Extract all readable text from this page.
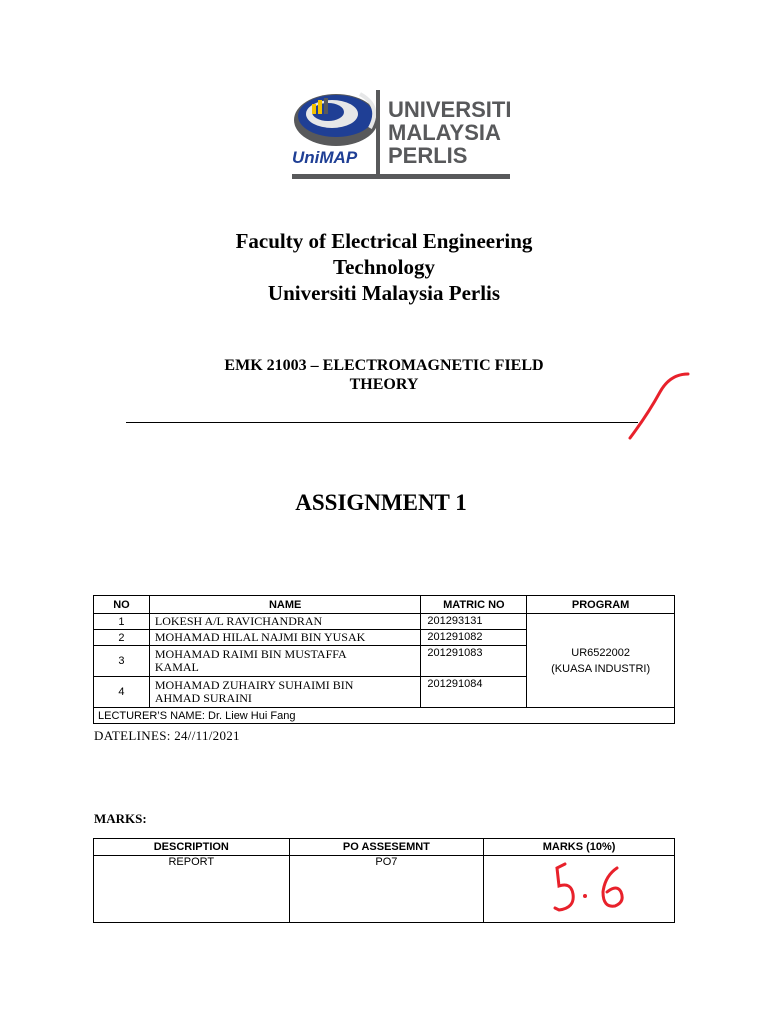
UniMAP
UNIVERSITI
MALAYSIA
PERLIS
Faculty of Electrical Engineering
Technology
Universiti Malaysia Perlis
EMK 21003 – ELECTROMAGNETIC FIELD
THEORY
ASSIGNMENT 1
NO	NAME	MATRIC NO	PROGRAM
1	LOKESH A/L RAVICHANDRAN	201293131	UR6522002
(KUASA INDUSTRI)

2	MOHAMAD HILAL NAJMI BIN YUSAK	201291082	
3	MOHAMAD RAIMI BIN MUSTAFFA KAMAL	201291083	
4	MOHAMAD ZUHAIRY SUHAIMI BIN AHMAD SURAINI	201291084	
LECTURER’S NAME: Dr. Liew Hui Fang			
DATELINES: 24//11/2021
MARKS:
DESCRIPTION	PO ASSESEMNT	MARKS (10%)
REPORT	PO7	
